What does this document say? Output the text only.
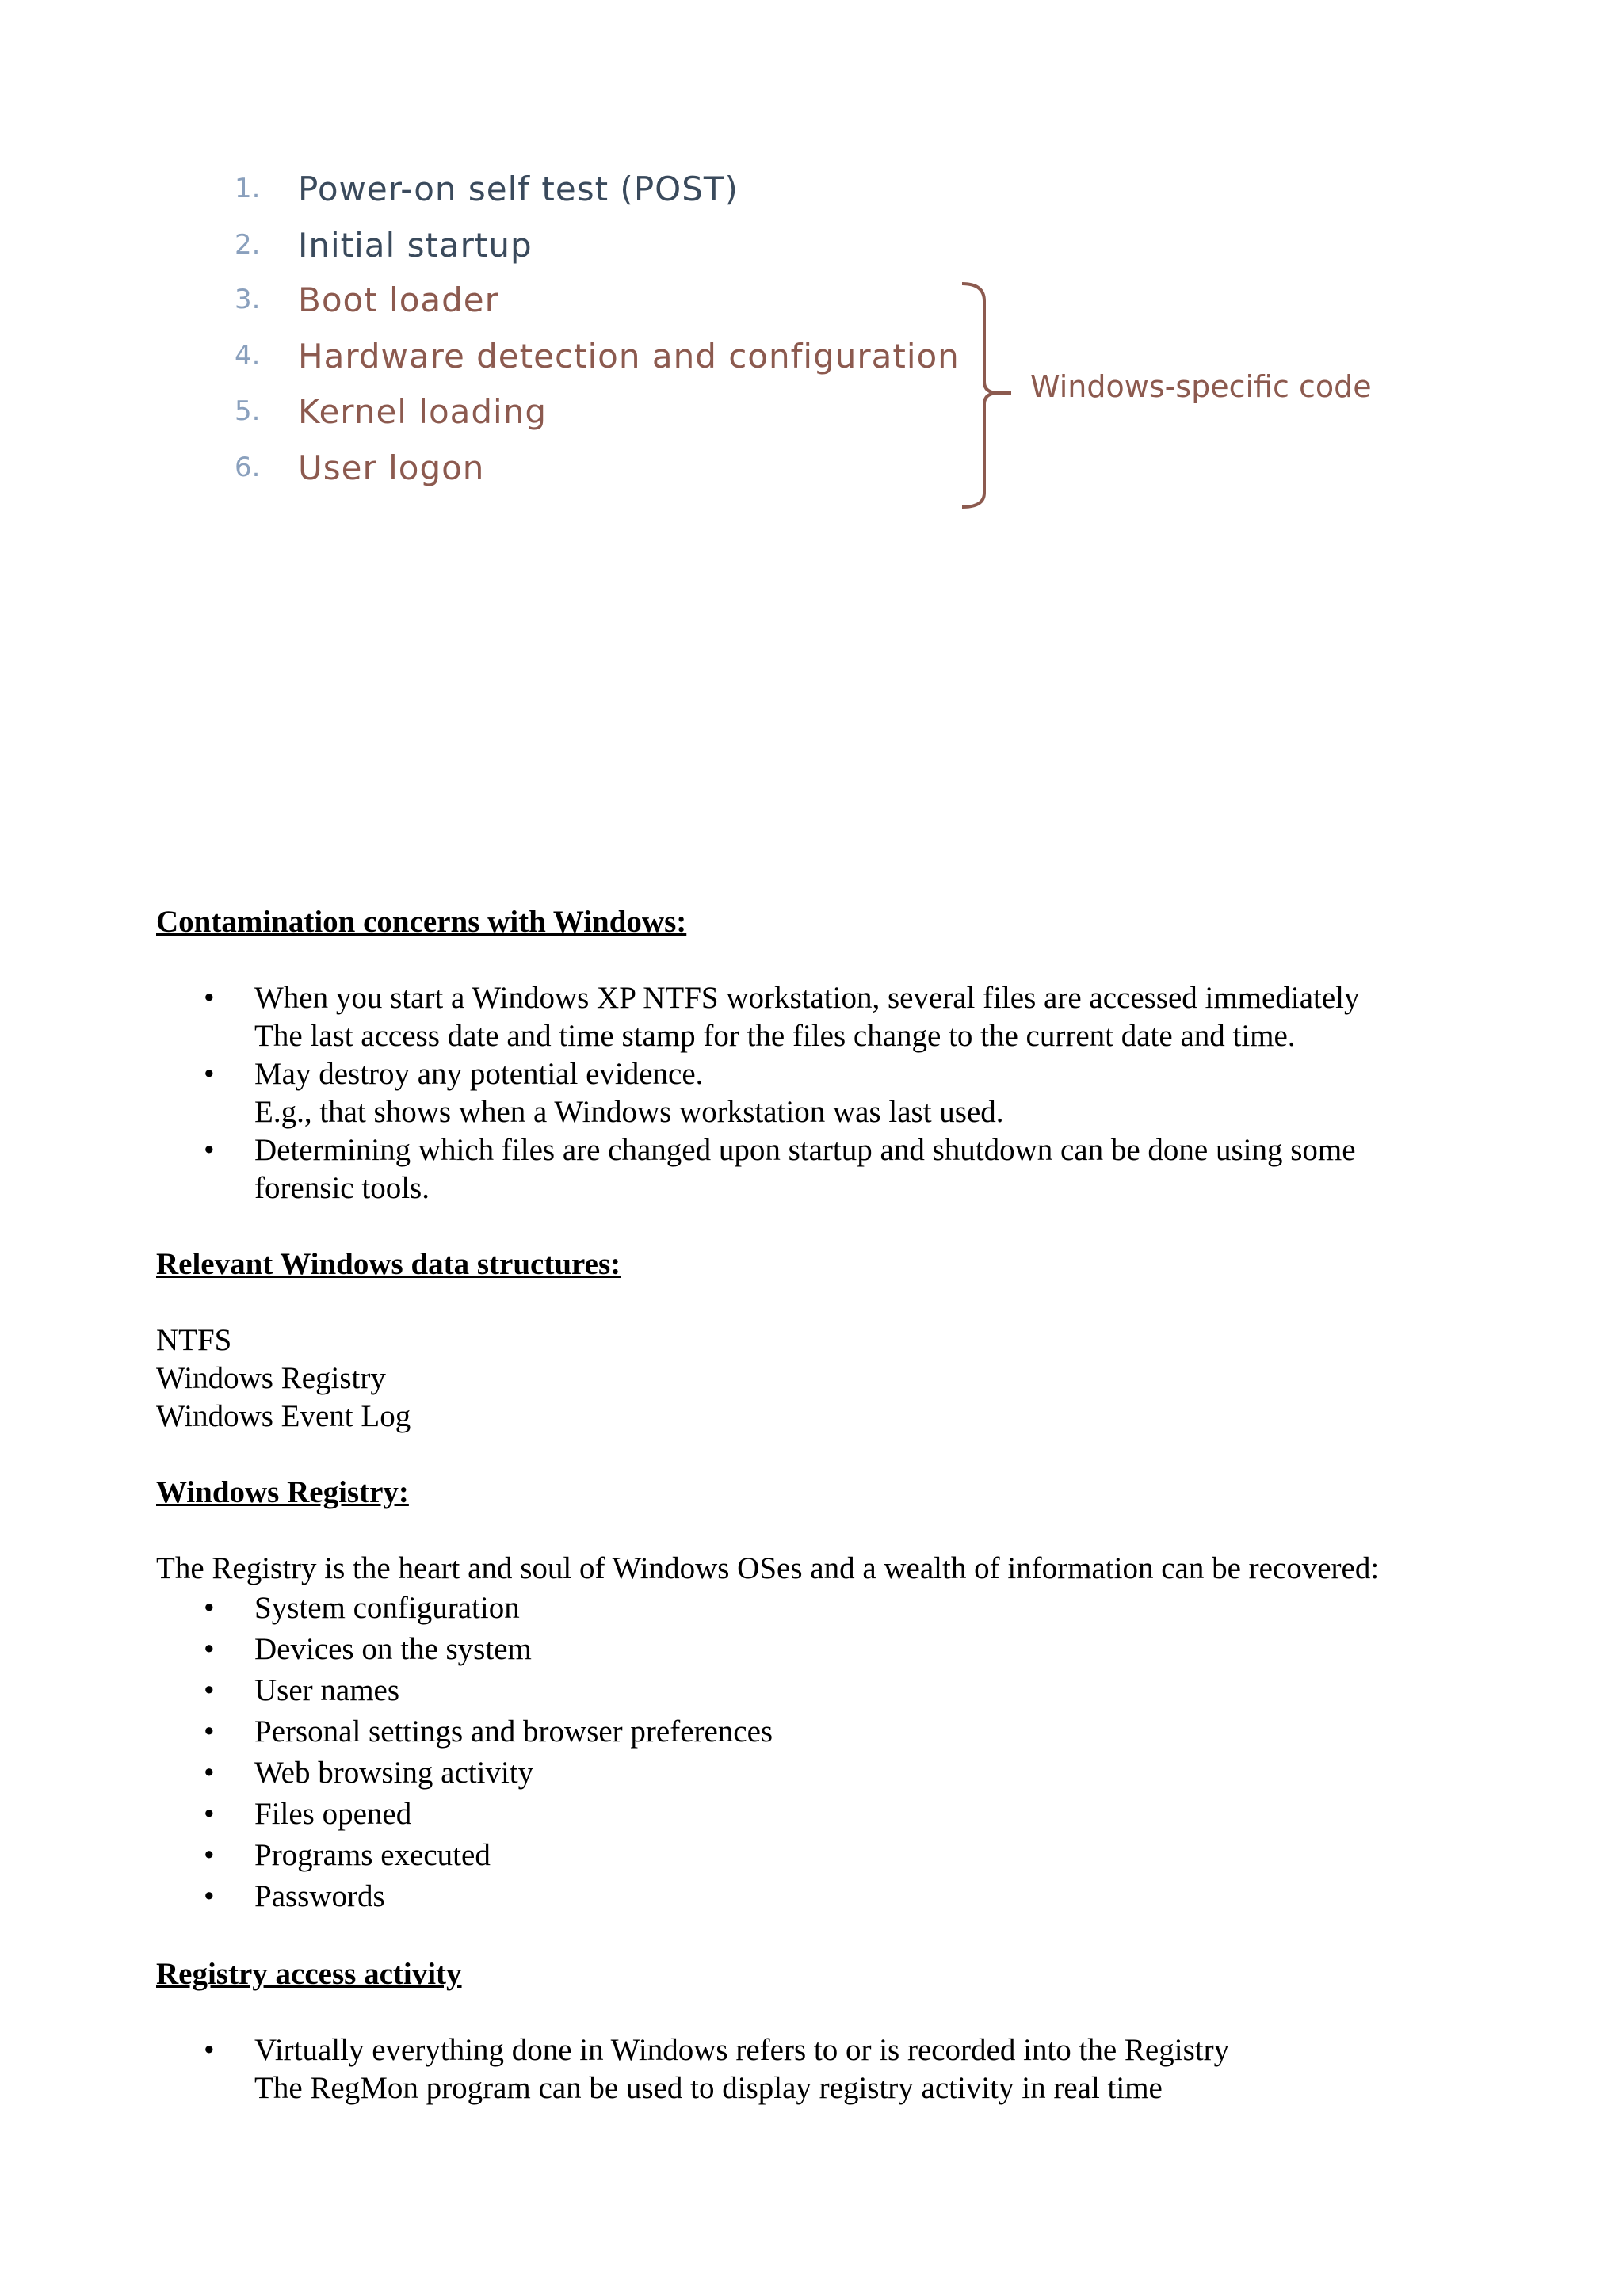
1.	Power-on self test (POST)
2.	Initial startup
3.	Boot loader
4.	Hardware detection and configuration
5.	Kernel loading
6.	User logon
Windows-specific code

Contamination concerns with Windows:

• When you start a Windows XP NTFS workstation, several files are accessed immediately
The last access date and time stamp for the files change to the current date and time.
• May destroy any potential evidence.
E.g., that shows when a Windows workstation was last used.
• Determining which files are changed upon startup and shutdown can be done using some
forensic tools.

Relevant Windows data structures:

NTFS
Windows Registry
Windows Event Log

Windows Registry:

The Registry is the heart and soul of Windows OSes and a wealth of information can be recovered:
• System configuration
• Devices on the system
• User names
• Personal settings and browser preferences
• Web browsing activity
• Files opened
• Programs executed
• Passwords

Registry access activity

• Virtually everything done in Windows refers to or is recorded into the Registry
The RegMon program can be used to display registry activity in real time
